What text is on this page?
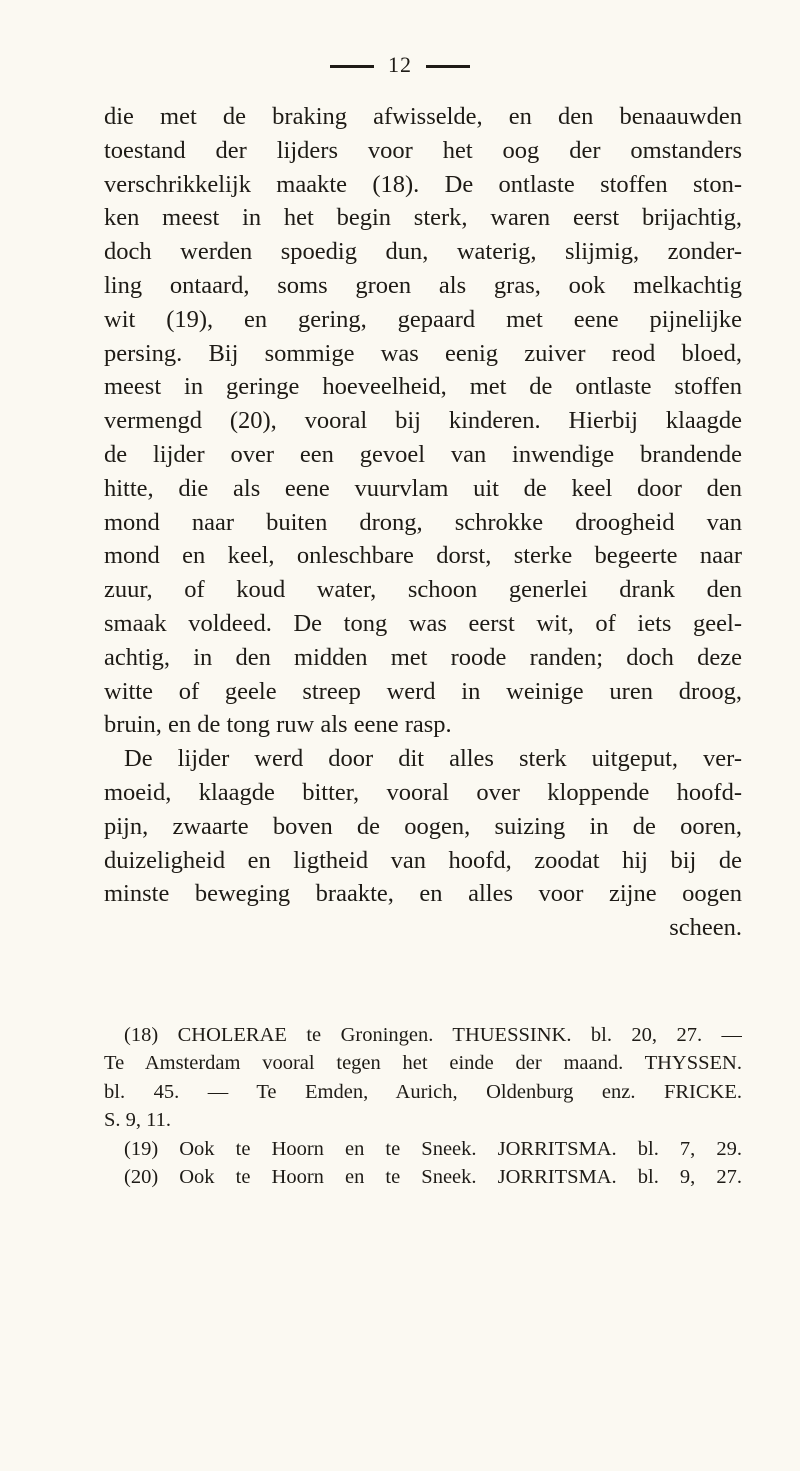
12
die met de braking afwisselde, en den benaauwden
toestand der lijders voor het oog der omstanders
verschrikkelijk maakte (18). De ontlaste stoffen ston-
ken meest in het begin sterk, waren eerst brijachtig,
doch werden spoedig dun, waterig, slijmig, zonder-
ling ontaard, soms groen als gras, ook melkachtig
wit (19), en gering, gepaard met eene pijnelijke
persing. Bij sommige was eenig zuiver reod bloed,
meest in geringe hoeveelheid, met de ontlaste stoffen
vermengd (20), vooral bij kinderen. Hierbij klaagde
de lijder over een gevoel van inwendige brandende
hitte, die als eene vuurvlam uit de keel door den
mond naar buiten drong, schrokke droogheid van
mond en keel, onleschbare dorst, sterke begeerte naar
zuur, of koud water, schoon generlei drank den
smaak voldeed. De tong was eerst wit, of iets geel-
achtig, in den midden met roode randen; doch deze
witte of geele streep werd in weinige uren droog,
bruin, en de tong ruw als eene rasp.
De lijder werd door dit alles sterk uitgeput, ver-
moeid, klaagde bitter, vooral over kloppende hoofd-
pijn, zwaarte boven de oogen, suizing in de ooren,
duizeligheid en ligtheid van hoofd, zoodat hij bij de
minste beweging braakte, en alles voor zijne oogen
scheen.
(18) CHOLERAE te Groningen. THUESSINK. bl. 20, 27. —
Te Amsterdam vooral tegen het einde der maand. THYSSEN.
bl. 45. — Te Emden, Aurich, Oldenburg enz. FRICKE.
S. 9, 11.
(19) Ook te Hoorn en te Sneek. JORRITSMA. bl. 7, 29.
(20) Ook te Hoorn en te Sneek. JORRITSMA. bl. 9, 27.
